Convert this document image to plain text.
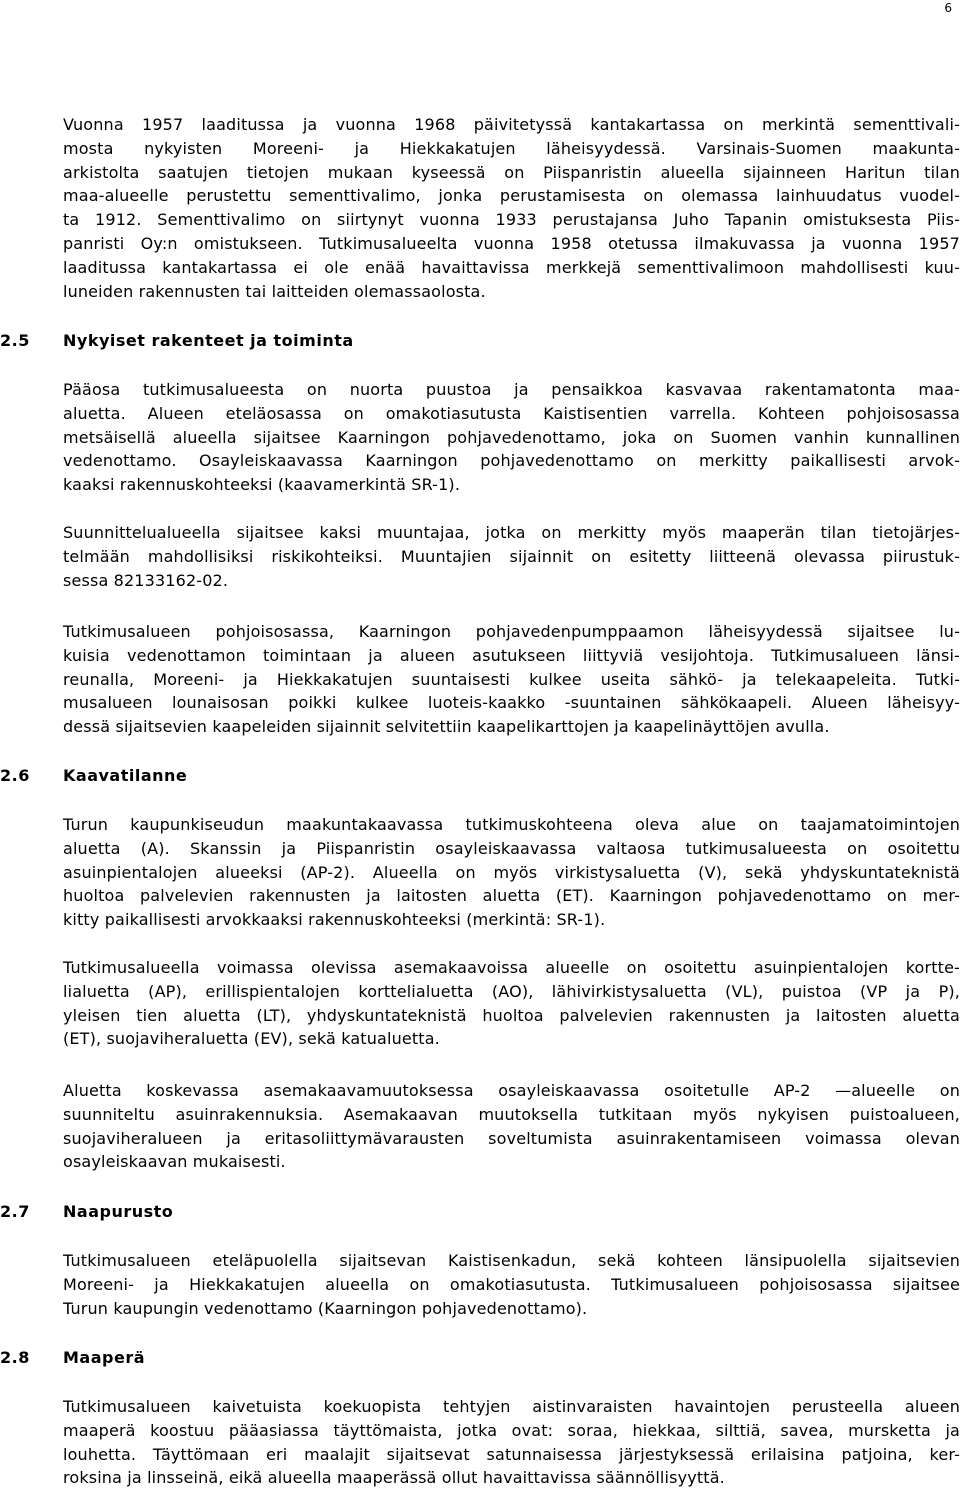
6
Vuonna 1957 laaditussa ja vuonna 1968 päivitetyssä kantakartassa on merkintä sementtivali-
mosta nykyisten Moreeni- ja Hiekkakatujen läheisyydessä. Varsinais-Suomen maakunta-
arkistolta saatujen tietojen mukaan kyseessä on Piispanristin alueella sijainneen Haritun tilan
maa-alueelle perustettu sementtivalimo, jonka perustamisesta on olemassa lainhuudatus vuodel-
ta 1912. Sementtivalimo on siirtynyt vuonna 1933 perustajansa Juho Tapanin omistuksesta Piis-
panristi Oy:n omistukseen. Tutkimusalueelta vuonna 1958 otetussa ilmakuvassa ja vuonna 1957
laaditussa kantakartassa ei ole enää havaittavissa merkkejä sementtivalimoon mahdollisesti kuu-
luneiden rakennusten tai laitteiden olemassaolosta.
2.5 Nykyiset rakenteet ja toiminta
Pääosa tutkimusalueesta on nuorta puustoa ja pensaikkoa kasvavaa rakentamatonta maa-
aluetta. Alueen eteläosassa on omakotiasutusta Kaistisentien varrella. Kohteen pohjoisosassa
metsäisellä alueella sijaitsee Kaarningon pohjavedenottamo, joka on Suomen vanhin kunnallinen
vedenottamo. Osayleiskaavassa Kaarningon pohjavedenottamo on merkitty paikallisesti arvok-
kaaksi rakennuskohteeksi (kaavamerkintä SR-1).
Suunnittelualueella sijaitsee kaksi muuntajaa, jotka on merkitty myös maaperän tilan tietojärjes-
telmään mahdollisiksi riskikohteiksi. Muuntajien sijainnit on esitetty liitteenä olevassa piirustuk-
sessa 82133162-02.
Tutkimusalueen pohjoisosassa, Kaarningon pohjavedenpumppaamon läheisyydessä sijaitsee lu-
kuisia vedenottamon toimintaan ja alueen asutukseen liittyviä vesijohtoja. Tutkimusalueen länsi-
reunalla, Moreeni- ja Hiekkakatujen suuntaisesti kulkee useita sähkö- ja telekaapeleita. Tutki-
musalueen lounaisosan poikki kulkee luoteis-kaakko -suuntainen sähkökaapeli. Alueen läheisyy-
dessä sijaitsevien kaapeleiden sijainnit selvitettiin kaapelikarttojen ja kaapelinäyttöjen avulla.
2.6 Kaavatilanne
Turun kaupunkiseudun maakuntakaavassa tutkimuskohteena oleva alue on taajamatoimintojen
aluetta (A). Skanssin ja Piispanristin osayleiskaavassa valtaosa tutkimusalueesta on osoitettu
asuinpientalojen alueeksi (AP-2). Alueella on myös virkistysaluetta (V), sekä yhdyskuntateknistä
huoltoa palvelevien rakennusten ja laitosten aluetta (ET). Kaarningon pohjavedenottamo on mer-
kitty paikallisesti arvokkaaksi rakennuskohteeksi (merkintä: SR-1).
Tutkimusalueella voimassa olevissa asemakaavoissa alueelle on osoitettu asuinpientalojen kortte-
lialuetta (AP), erillispientalojen korttelialuetta (AO), lähivirkistysaluetta (VL), puistoa (VP ja P),
yleisen tien aluetta (LT), yhdyskuntateknistä huoltoa palvelevien rakennusten ja laitosten aluetta
(ET), suojaviheraluetta (EV), sekä katualuetta.
Aluetta koskevassa asemakaavamuutoksessa osayleiskaavassa osoitetulle AP-2 —alueelle on
suunniteltu asuinrakennuksia. Asemakaavan muutoksella tutkitaan myös nykyisen puistoalueen,
suojaviheralueen ja eritasoliittymävarausten soveltumista asuinrakentamiseen voimassa olevan
osayleiskaavan mukaisesti.
2.7 Naapurusto
Tutkimusalueen eteläpuolella sijaitsevan Kaistisenkadun, sekä kohteen länsipuolella sijaitsevien
Moreeni- ja Hiekkakatujen alueella on omakotiasutusta. Tutkimusalueen pohjoisosassa sijaitsee
Turun kaupungin vedenottamo (Kaarningon pohjavedenottamo).
2.8 Maaperä
Tutkimusalueen kaivetuista koekuopista tehtyjen aistinvaraisten havaintojen perusteella alueen
maaperä koostuu pääasiassa täyttömaista, jotka ovat: soraa, hiekkaa, silttiä, savea, mursketta ja
louhetta. Täyttömaan eri maalajit sijaitsevat satunnaisessa järjestyksessä erilaisina patjoina, ker-
roksina ja linsseinä, eikä alueella maaperässä ollut havaittavissa säännöllisyyttä.
